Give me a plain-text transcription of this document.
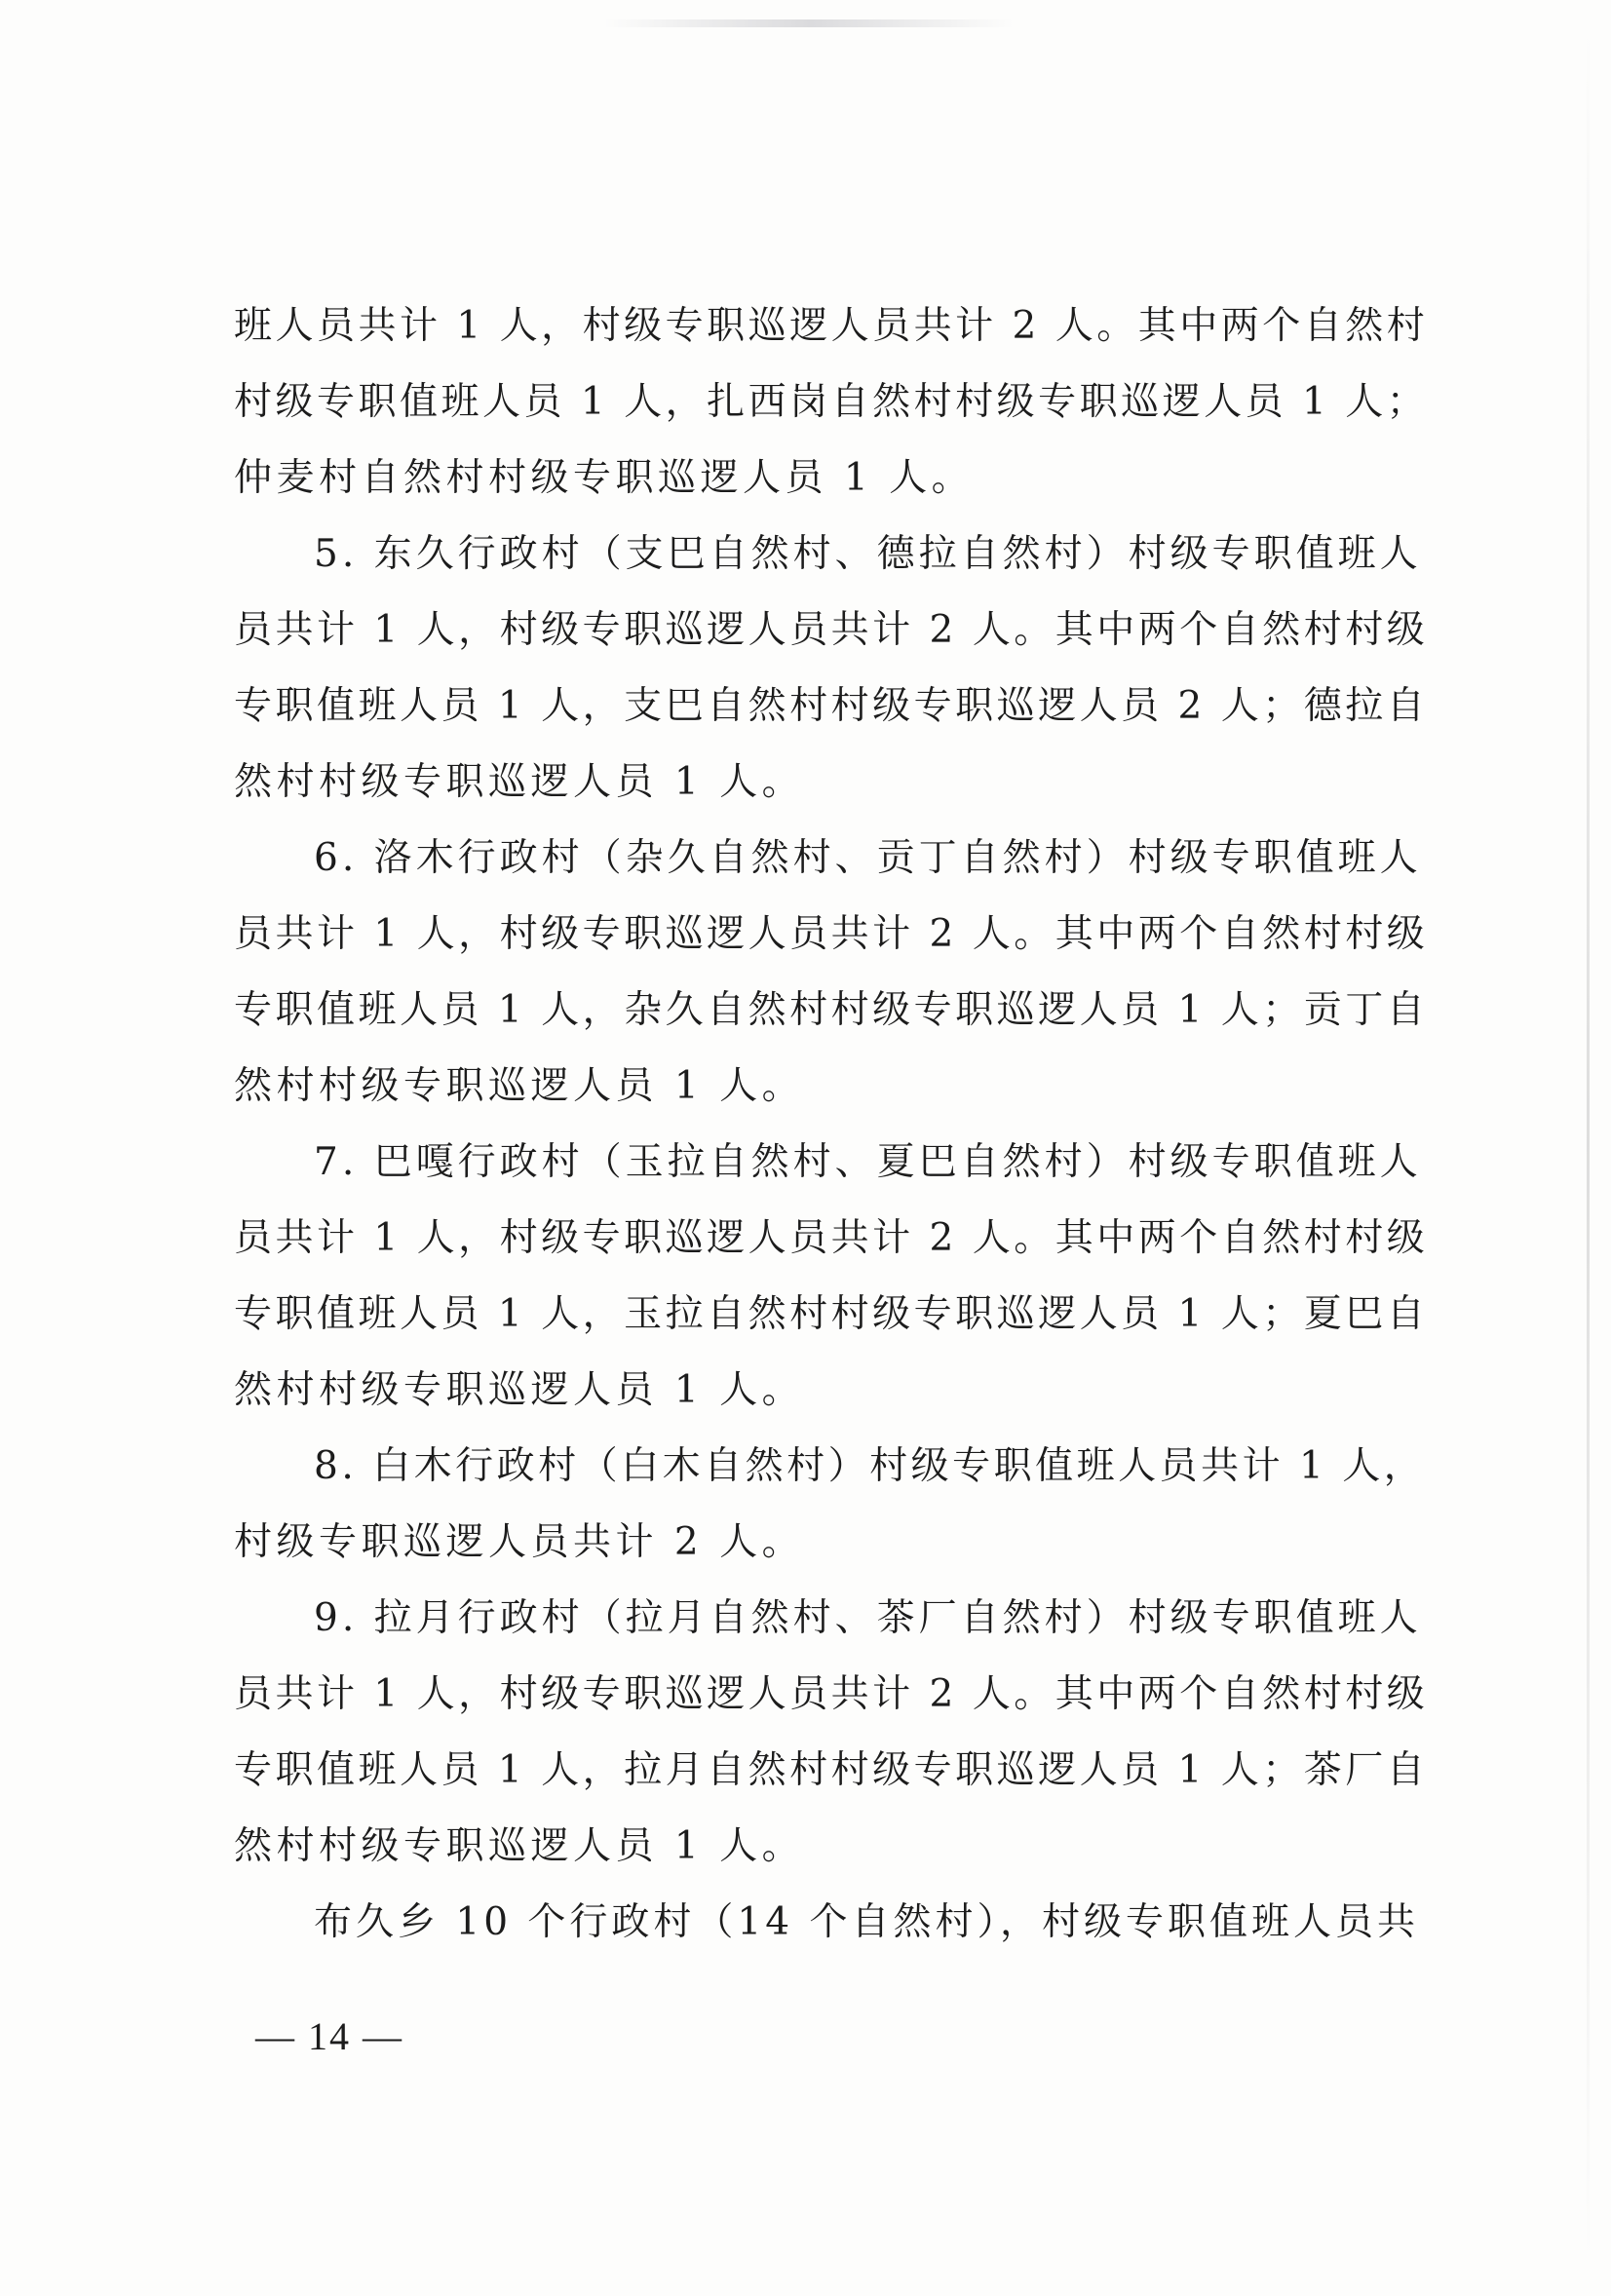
班人员共计 1 人，村级专职巡逻人员共计 2 人。其中两个自然村
村级专职值班人员 1 人，扎西岗自然村村级专职巡逻人员 1 人；
仲麦村自然村村级专职巡逻人员 1 人。
5. 东久行政村（支巴自然村、德拉自然村）村级专职值班人
员共计 1 人，村级专职巡逻人员共计 2 人。其中两个自然村村级
专职值班人员 1 人，支巴自然村村级专职巡逻人员 2 人；德拉自
然村村级专职巡逻人员 1 人。
6. 洛木行政村（杂久自然村、贡丁自然村）村级专职值班人
员共计 1 人，村级专职巡逻人员共计 2 人。其中两个自然村村级
专职值班人员 1 人，杂久自然村村级专职巡逻人员 1 人；贡丁自
然村村级专职巡逻人员 1 人。
7. 巴嘎行政村（玉拉自然村、夏巴自然村）村级专职值班人
员共计 1 人，村级专职巡逻人员共计 2 人。其中两个自然村村级
专职值班人员 1 人，玉拉自然村村级专职巡逻人员 1 人；夏巴自
然村村级专职巡逻人员 1 人。
8. 白木行政村（白木自然村）村级专职值班人员共计 1 人，
村级专职巡逻人员共计 2 人。
9. 拉月行政村（拉月自然村、茶厂自然村）村级专职值班人
员共计 1 人，村级专职巡逻人员共计 2 人。其中两个自然村村级
专职值班人员 1 人，拉月自然村村级专职巡逻人员 1 人；茶厂自
然村村级专职巡逻人员 1 人。
布久乡 10 个行政村（14 个自然村），村级专职值班人员共
— 14 —
